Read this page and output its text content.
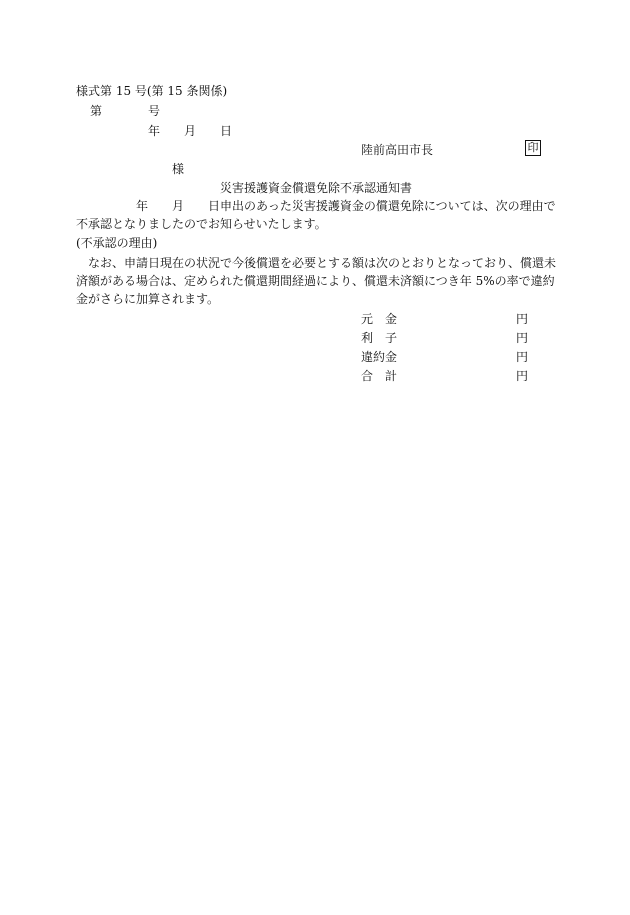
様式第 15 号(第 15 条関係)
第	号
年 月 日
陸前高田市長	印
様
災害援護資金償還免除不承認通知書
年 月 日申出のあった災害援護資金の償還免除については、次の理由で
不承認となりましたのでお知らせいたします。
(不承認の理由)
なお、申請日現在の状況で今後償還を必要とする額は次のとおりとなっており、償還未
済額がある場合は、定められた償還期間経過により、償還未済額につき年 5%の率で違約
金がさらに加算されます。
元　金	円
利　子	円
違約金	円
合　計	円
